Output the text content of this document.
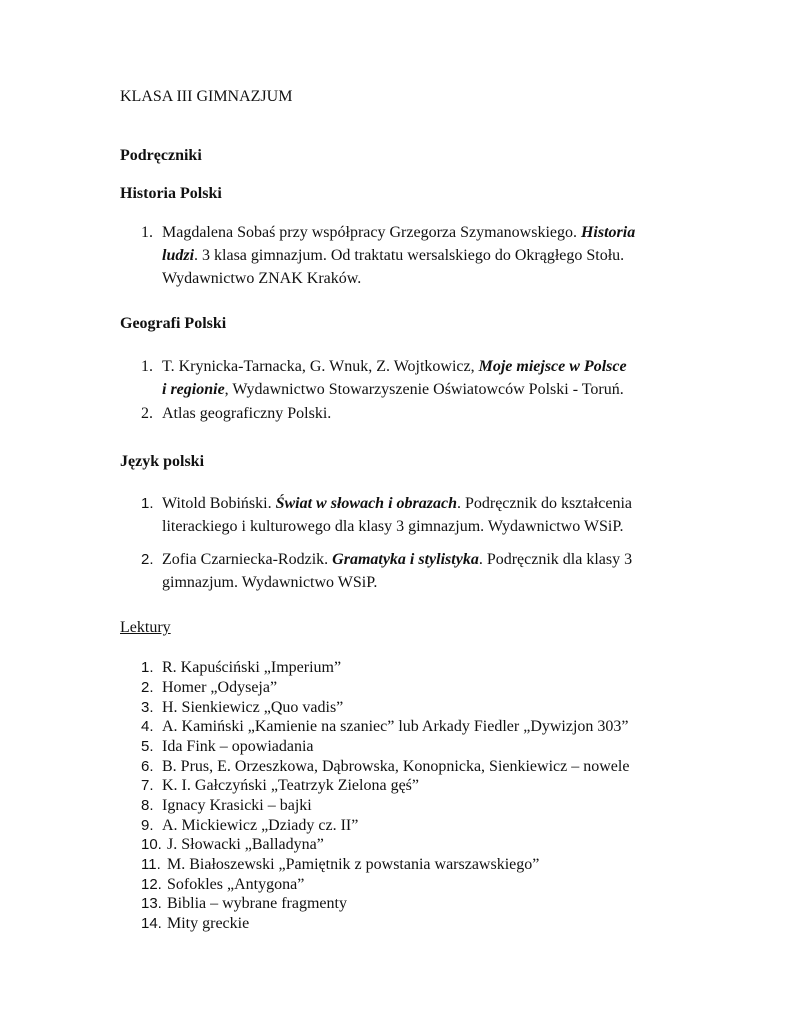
KLASA III GIMNAZJUM
Podręczniki
Historia Polski
1. Magdalena Sobaś przy współpracy Grzegorza Szymanowskiego. Historia
ludzi. 3 klasa gimnazjum. Od traktatu wersalskiego do Okrągłego Stołu.
Wydawnictwo ZNAK Kraków.
Geografi Polski
1. T. Krynicka-Tarnacka, G. Wnuk, Z. Wojtkowicz, Moje miejsce w Polsce
i regionie, Wydawnictwo Stowarzyszenie Oświatowców Polski - Toruń.
2. Atlas geograficzny Polski.
Język polski
1. Witold Bobiński. Świat w słowach i obrazach. Podręcznik do kształcenia
literackiego i kulturowego dla klasy 3 gimnazjum. Wydawnictwo WSiP.
2. Zofia Czarniecka-Rodzik. Gramatyka i stylistyka. Podręcznik dla klasy 3
gimnazjum. Wydawnictwo WSiP.
Lektury
1. R. Kapuściński „Imperium”
2. Homer „Odyseja”
3. H. Sienkiewicz „Quo vadis”
4. A. Kamiński „Kamienie na szaniec” lub Arkady Fiedler „Dywizjon 303”
5. Ida Fink – opowiadania
6. B. Prus, E. Orzeszkowa, Dąbrowska, Konopnicka, Sienkiewicz – nowele
7. K. I. Gałczyński „Teatrzyk Zielona gęś”
8. Ignacy Krasicki – bajki
9. A. Mickiewicz „Dziady cz. II”
10. J. Słowacki „Balladyna”
11. M. Białoszewski „Pamiętnik z powstania warszawskiego”
12. Sofokles „Antygona”
13. Biblia – wybrane fragmenty
14. Mity greckie
